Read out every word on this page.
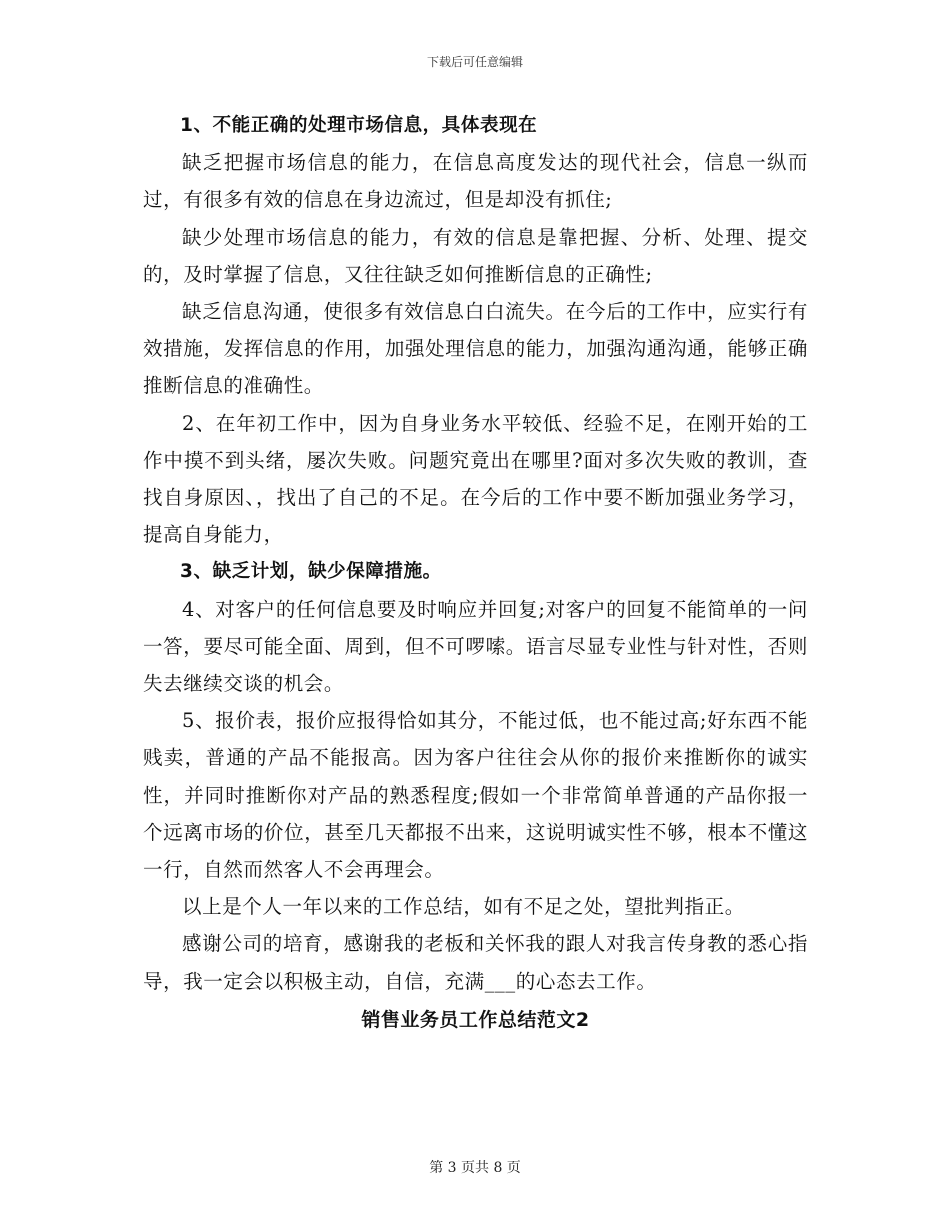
下载后可任意编辑

1、不能正确的处理市场信息，具体表现在

缺乏把握市场信息的能力，在信息高度发达的现代社会，信息一纵而过，有很多有效的信息在身边流过，但是却没有抓住;

缺少处理市场信息的能力，有效的信息是靠把握、分析、处理、提交的，及时掌握了信息，又往往缺乏如何推断信息的正确性;

缺乏信息沟通，使很多有效信息白白流失。在今后的工作中，应实行有效措施，发挥信息的作用，加强处理信息的能力，加强沟通沟通，能够正确推断信息的准确性。

2、在年初工作中，因为自身业务水平较低、经验不足，在刚开始的工作中摸不到头绪，屡次失败。问题究竟出在哪里?面对多次失败的教训，查找自身原因、，找出了自己的不足。在今后的工作中要不断加强业务学习，提高自身能力，

3、缺乏计划，缺少保障措施。

4、对客户的任何信息要及时响应并回复;对客户的回复不能简单的一问一答，要尽可能全面、周到，但不可啰嗦。语言尽显专业性与针对性，否则失去继续交谈的机会。

5、报价表，报价应报得恰如其分，不能过低，也不能过高;好东西不能贱卖，普通的产品不能报高。因为客户往往会从你的报价来推断你的诚实性，并同时推断你对产品的熟悉程度;假如一个非常简单普通的产品你报一个远离市场的价位，甚至几天都报不出来，这说明诚实性不够，根本不懂这一行，自然而然客人不会再理会。

以上是个人一年以来的工作总结，如有不足之处，望批判指正。

感谢公司的培育，感谢我的老板和关怀我的跟人对我言传身教的悉心指导，我一定会以积极主动，自信，充满___的心态去工作。

销售业务员工作总结范文2

第 3 页共 8 页
